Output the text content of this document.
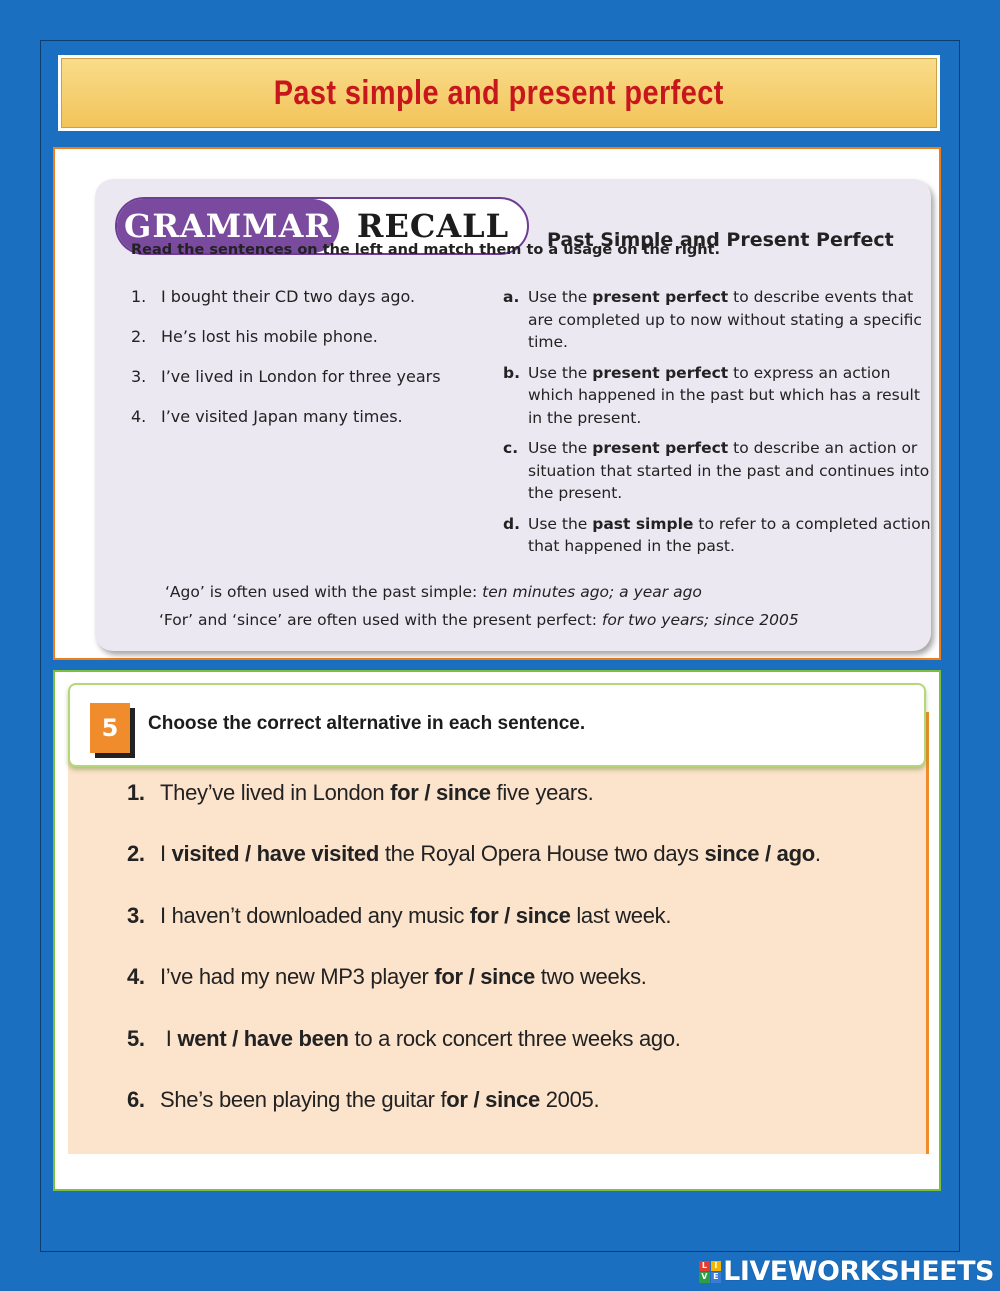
Past simple and present perfect
GRAMMAR RECALL	Past Simple and Present Perfect
Read the sentences on the left and match them to a usage on the right.
1. I bought their CD two days ago.
2. He’s lost his mobile phone.
3. I’ve lived in London for three years
4. I’ve visited Japan many times.
a. Use the present perfect to describe events that are completed up to now without stating a specific time.
b. Use the present perfect to express an action which happened in the past but which has a result in the present.
c. Use the present perfect to describe an action or situation that started in the past and continues into the present.
d. Use the past simple to refer to a completed action that happened in the past.
‘Ago’ is often used with the past simple: ten minutes ago; a year ago
‘For’ and ‘since’ are often used with the present perfect: for two years; since 2005
5	Choose the correct alternative in each sentence.
1. They’ve lived in London for / since five years.
2. I visited / have visited the Royal Opera House two days since / ago.
3. I haven’t downloaded any music for / since last week.
4. I’ve had my new MP3 player for / since two weeks.
5. I went / have been to a rock concert three weeks ago.
6. She’s been playing the guitar for / since 2005.
L I
V E LIVEWORKSHEETS
